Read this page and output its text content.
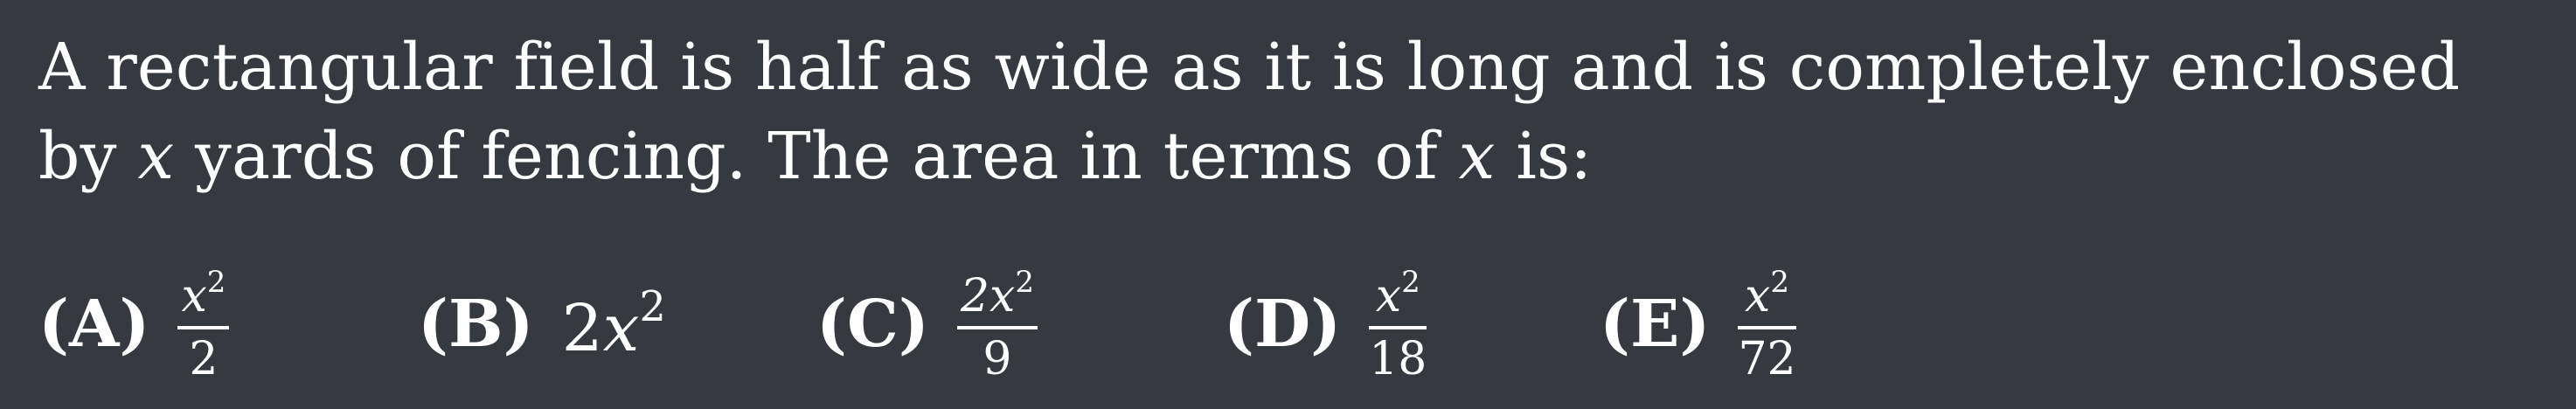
A rectangular field is half as wide as it is long and is completely enclosed by x yards of fencing. The area in terms of x is:
$(A) \frac{x^2}{2}$	(B) $2x^2$ $(C) \frac{2x^2}{9}$	$(D) \frac{x^2}{18}$	$(E) \frac{x^2}{72}$
